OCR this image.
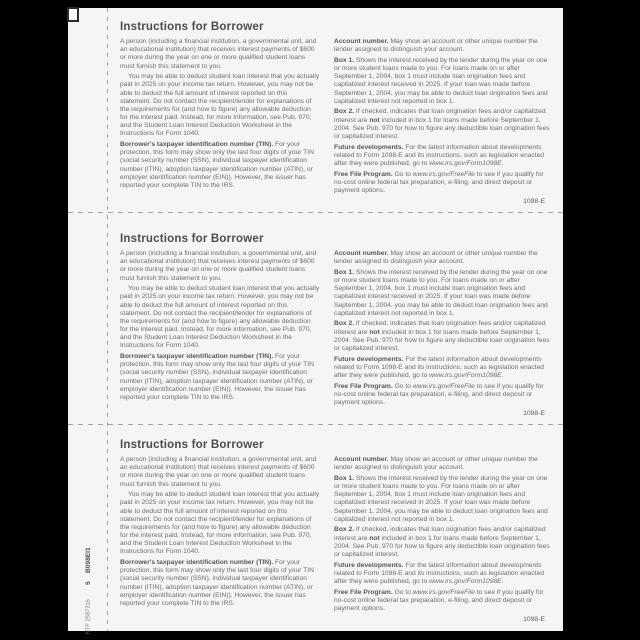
Instructions for Borrower

A person (including a financial institution, a governmental unit, and an educational institution) that receives interest payments of $600 or more during the year on one or more qualified student loans must furnish this statement to you.

You may be able to deduct student loan interest that you actually paid in 2025 on your income tax return. However, you may not be able to deduct the full amount of interest reported on this statement. Do not contact the recipient/lender for explanations of the requirements for (and how to figure) any allowable deduction for the interest paid. Instead, for more information, see Pub. 970, and the Student Loan Interest Deduction Worksheet in the Instructions for Form 1040.

Borrower's taxpayer identification number (TIN). For your protection, this form may show only the last four digits of your TIN (social security number (SSN), individual taxpayer identification number (ITIN), adoption taxpayer identification number (ATIN), or employer identification number (EIN)). However, the issuer has reported your complete TIN to the IRS.

Account number. May show an account or other unique number the lender assigned to distinguish your account.

Box 1. Shows the interest received by the lender during the year on one or more student loans made to you. For loans made on or after September 1, 2004, box 1 must include loan origination fees and capitalized interest received in 2025. If your loan was made before September 1, 2004, you may be able to deduct loan origination fees and capitalized interest not reported in box 1.

Box 2. If checked, indicates that loan origination fees and/or capitalized interest are not included in box 1 for loans made before September 1, 2004. See Pub. 970 for how to figure any deductible loan origination fees or capitalized interest.

Future developments. For the latest information about developments related to Form 1098-E and its instructions, such as legislation enacted after they were published, go to www.irs.gov/Form1098E.

Free File Program. Go to www.irs.gov/FreeFile to see if you qualify for no-cost online federal tax preparation, e-filing, and direct deposit or payment options.

1098-E
Instructions for Borrower

A person (including a financial institution, a governmental unit, and an educational institution) that receives interest payments of $600 or more during the year on one or more qualified student loans must furnish this statement to you.

You may be able to deduct student loan interest that you actually paid in 2025 on your income tax return. However, you may not be able to deduct the full amount of interest reported on this statement. Do not contact the recipient/lender for explanations of the requirements for (and how to figure) any allowable deduction for the interest paid. Instead, for more information, see Pub. 970, and the Student Loan Interest Deduction Worksheet in the Instructions for Form 1040.

Borrower's taxpayer identification number (TIN). For your protection, this form may show only the last four digits of your TIN (social security number (SSN), individual taxpayer identification number (ITIN), adoption taxpayer identification number (ATIN), or employer identification number (EIN)). However, the issuer has reported your complete TIN to the IRS.

Account number. May show an account or other unique number the lender assigned to distinguish your account.

Box 1. Shows the interest received by the lender during the year on one or more student loans made to you. For loans made on or after September 1, 2004, box 1 must include loan origination fees and capitalized interest received in 2025. If your loan was made before September 1, 2004, you may be able to deduct loan origination fees and capitalized interest not reported in box 1.

Box 2. If checked, indicates that loan origination fees and/or capitalized interest are not included in box 1 for loans made before September 1, 2004. See Pub. 970 for how to figure any deductible loan origination fees or capitalized interest.

Future developments. For the latest information about developments related to Form 1098-E and its instructions, such as legislation enacted after they were published, go to www.irs.gov/Form1098E.

Free File Program. Go to www.irs.gov/FreeFile to see if you qualify for no-cost online federal tax preparation, e-filing, and direct deposit or payment options.

1098-E
Instructions for Borrower

A person (including a financial institution, a governmental unit, and an educational institution) that receives interest payments of $600 or more during the year on one or more qualified student loans must furnish this statement to you.

You may be able to deduct student loan interest that you actually paid in 2025 on your income tax return. However, you may not be able to deduct the full amount of interest reported on this statement. Do not contact the recipient/lender for explanations of the requirements for (and how to figure) any allowable deduction for the interest paid. Instead, for more information, see Pub. 970, and the Student Loan Interest Deduction Worksheet in the Instructions for Form 1040.

Borrower's taxpayer identification number (TIN). For your protection, this form may show only the last four digits of your TIN (social security number (SSN), individual taxpayer identification number (ITIN), adoption taxpayer identification number (ATIN), or employer identification number (EIN)). However, the issuer has reported your complete TIN to the IRS.

Account number. May show an account or other unique number the lender assigned to distinguish your account.

Box 1. Shows the interest received by the lender during the year on one or more student loans made to you. For loans made on or after September 1, 2004, box 1 must include loan origination fees and capitalized interest received in 2025. If your loan was made before September 1, 2004, you may be able to deduct loan origination fees and capitalized interest not reported in box 1.

Box 2. If checked, indicates that loan origination fees and/or capitalized interest are not included in box 1 for loans made before September 1, 2004. See Pub. 970 for how to figure any deductible loan origination fees or capitalized interest.

Future developments. For the latest information about developments related to Form 1098-E and its instructions, such as legislation enacted after they were published, go to www.irs.gov/Form1098E.

Free File Program. Go to www.irs.gov/FreeFile to see if you qualify for no-cost online federal tax preparation, e-filing, and direct deposit or payment options.

1098-E
NTF 2587216
5
B098EI1
